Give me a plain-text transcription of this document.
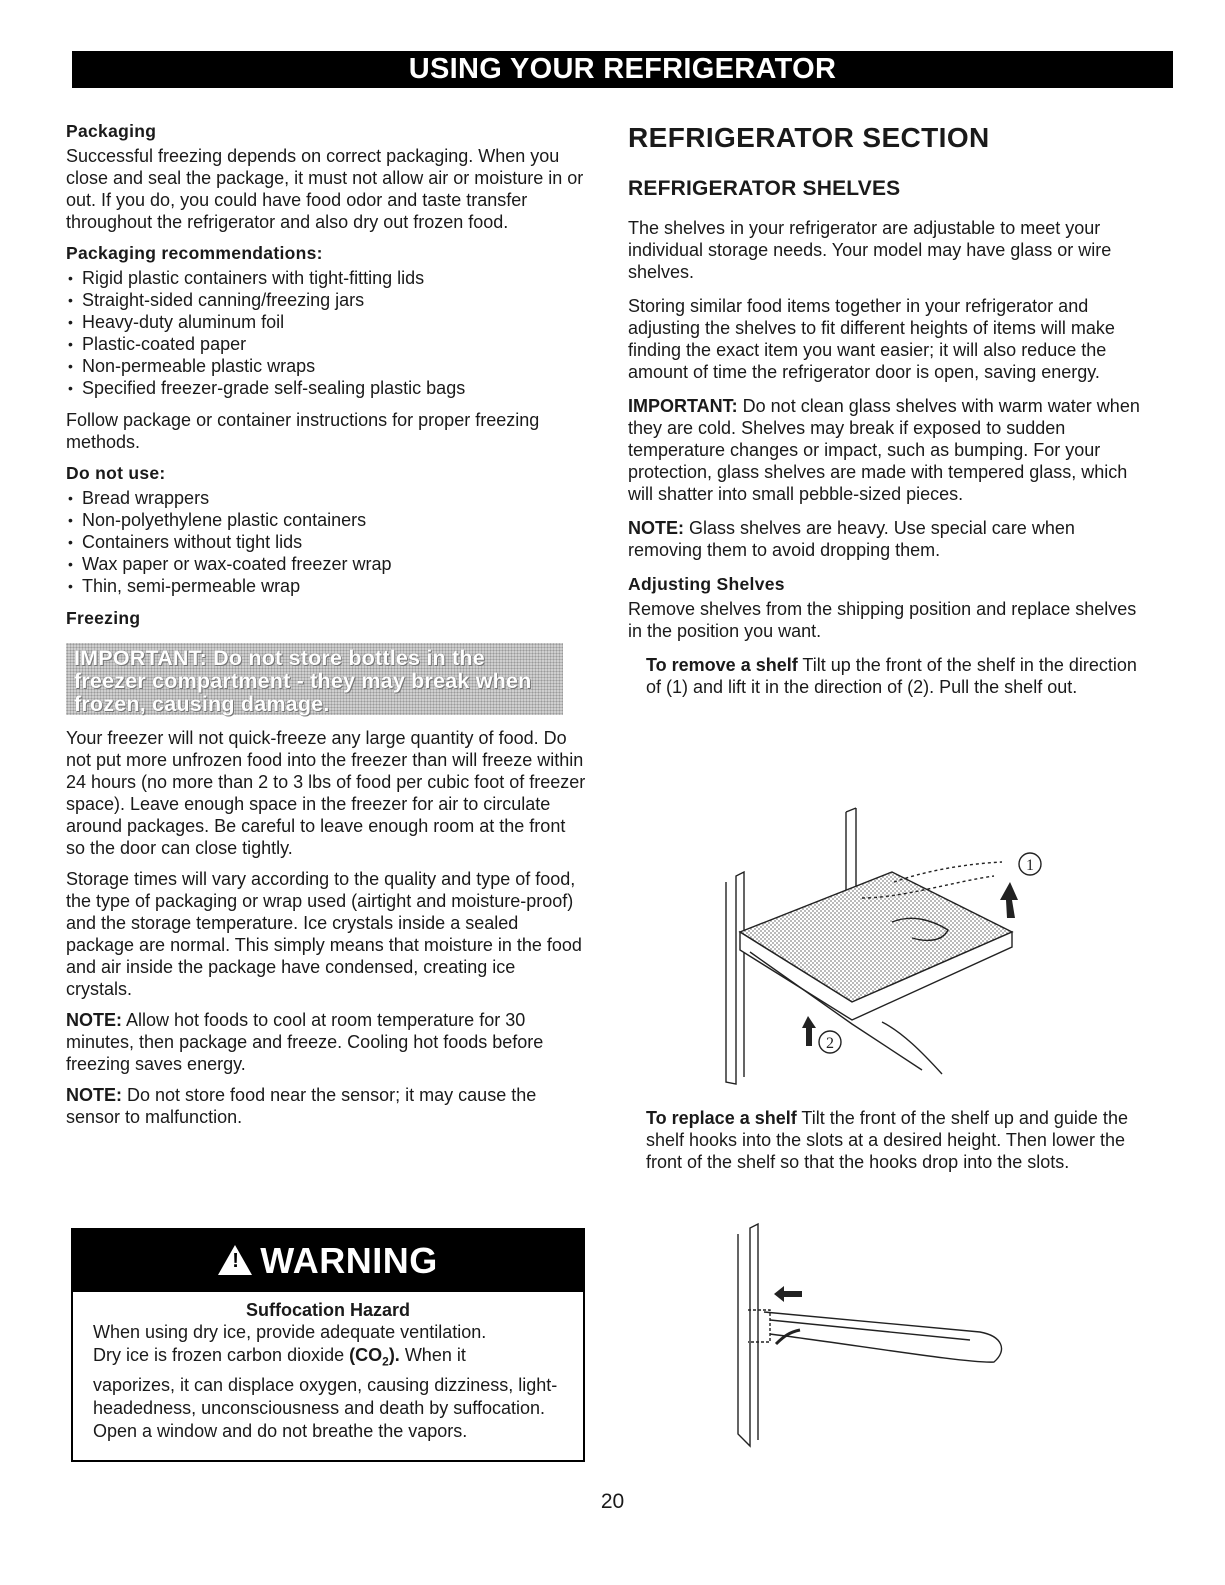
USING YOUR REFRIGERATOR
Packaging

Successful freezing depends on correct packaging. When you close and seal the package, it must not allow air or moisture in or out. If you do, you could have food odor and taste transfer throughout the refrigerator and also dry out frozen food.

Packaging recommendations:
• Rigid plastic containers with tight-fitting lids
• Straight-sided canning/freezing jars
• Heavy-duty aluminum foil
• Plastic-coated paper
• Non-permeable plastic wraps
• Specified freezer-grade self-sealing plastic bags

Follow package or container instructions for proper freezing methods.

Do not use:
• Bread wrappers
• Non-polyethylene plastic containers
• Containers without tight lids
• Wax paper or wax-coated freezer wrap
• Thin, semi-permeable wrap
Freezing
IMPORTANT: Do not store bottles in the freezer compartment - they may break when frozen, causing damage.

Your freezer will not quick-freeze any large quantity of food. Do not put more unfrozen food into the freezer than will freeze within 24 hours (no more than 2 to 3 lbs of food per cubic foot of freezer space). Leave enough space in the freezer for air to circulate around packages. Be careful to leave enough room at the front so the door can close tightly.

Storage times will vary according to the quality and type of food, the type of packaging or wrap used (airtight and moisture-proof) and the storage temperature. Ice crystals inside a sealed package are normal. This simply means that moisture in the food and air inside the package have condensed, creating ice crystals.

NOTE: Allow hot foods to cool at room temperature for 30 minutes, then package and freeze. Cooling hot foods before freezing saves energy.

NOTE: Do not store food near the sensor; it may cause the sensor to malfunction.

! WARNING
Suffocation Hazard
When using dry ice, provide adequate ventilation.
Dry ice is frozen carbon dioxide $(CO_2)$. When it
vaporizes, it can displace oxygen, causing dizziness, light-headedness, unconsciousness and death by suffocation. Open a window and do not breathe the vapors.
REFRIGERATOR SECTION
REFRIGERATOR SHELVES

The shelves in your refrigerator are adjustable to meet your individual storage needs. Your model may have glass or wire shelves.

Storing similar food items together in your refrigerator and adjusting the shelves to fit different heights of items will make finding the exact item you want easier; it will also reduce the amount of time the refrigerator door is open, saving energy.

IMPORTANT: Do not clean glass shelves with warm water when they are cold. Shelves may break if exposed to sudden temperature changes or impact, such as bumping. For your protection, glass shelves are made with tempered glass, which will shatter into small pebble-sized pieces.

NOTE: Glass shelves are heavy. Use special care when removing them to avoid dropping them.

Adjusting Shelves

Remove shelves from the shipping position and replace shelves in the position you want.

To remove a shelf Tilt up the front of the shelf in the direction of (1) and lift it in the direction of (2). Pull the shelf out.

To replace a shelf Tilt the front of the shelf up and guide the shelf hooks into the slots at a desired height. Then lower the front of the shelf so that the hooks drop into the slots.

1
2
20
